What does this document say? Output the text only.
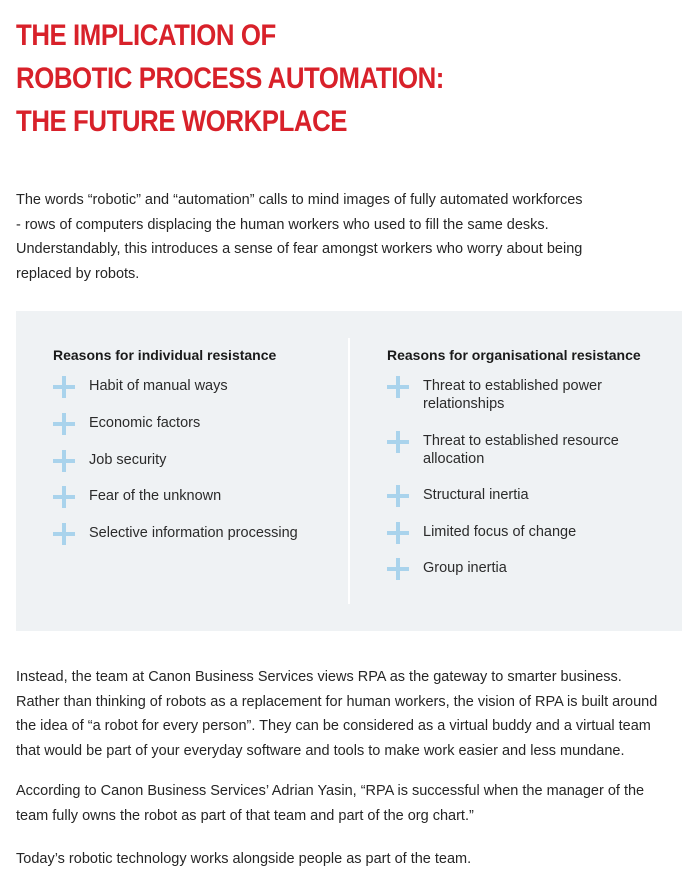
THE IMPLICATION OF
ROBOTIC PROCESS AUTOMATION:
THE FUTURE WORKPLACE

The words “robotic” and “automation” calls to mind images of fully automated workforces
- rows of computers displacing the human workers who used to fill the same desks.
Understandably, this introduces a sense of fear amongst workers who worry about being
replaced by robots.

Reasons for individual resistance
Habit of manual ways
Economic factors
Job security
Fear of the unknown
Selective information processing
Reasons for organisational resistance
Threat to established power
relationships
Threat to established resource
allocation
Structural inertia
Limited focus of change
Group inertia

Instead, the team at Canon Business Services views RPA as the gateway to smarter business.
Rather than thinking of robots as a replacement for human workers, the vision of RPA is built around
the idea of “a robot for every person”. They can be considered as a virtual buddy and a virtual team
that would be part of your everyday software and tools to make work easier and less mundane.

According to Canon Business Services’ Adrian Yasin, “RPA is successful when the manager of the
team fully owns the robot as part of that team and part of the org chart.”

Today’s robotic technology works alongside people as part of the team.
